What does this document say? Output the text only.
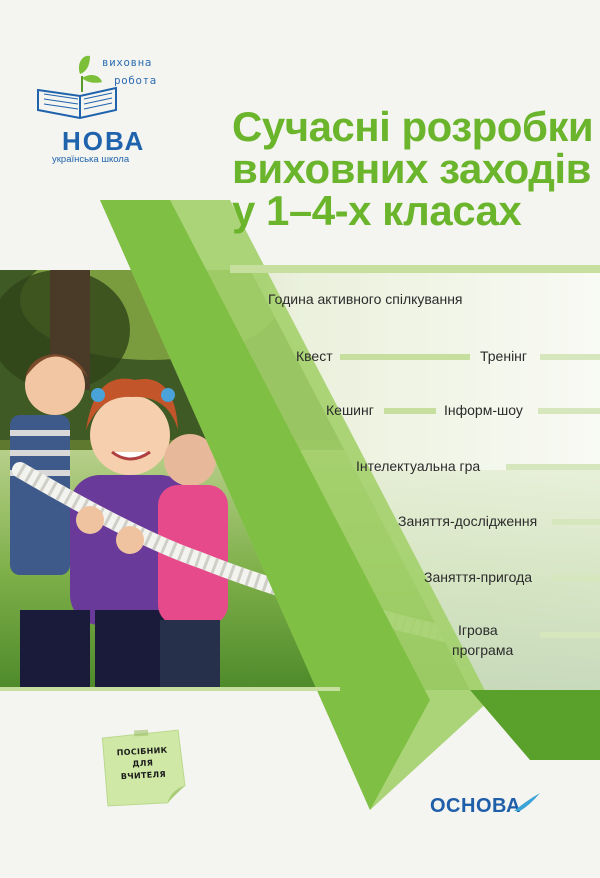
виховна
робота
НОВА
українська школа
Сучасні розробки
виховних заходів
у 1–4-х класах
Година активного спілкування
Квест	Тренінг
Кешинг	Інформ-шоу
Інтелектуальна гра
Заняття-дослідження
Заняття-пригода
Ігрова
програма
ПОСІБНИК
ДЛЯ
ВЧИТЕЛЯ
ОСНОВА
